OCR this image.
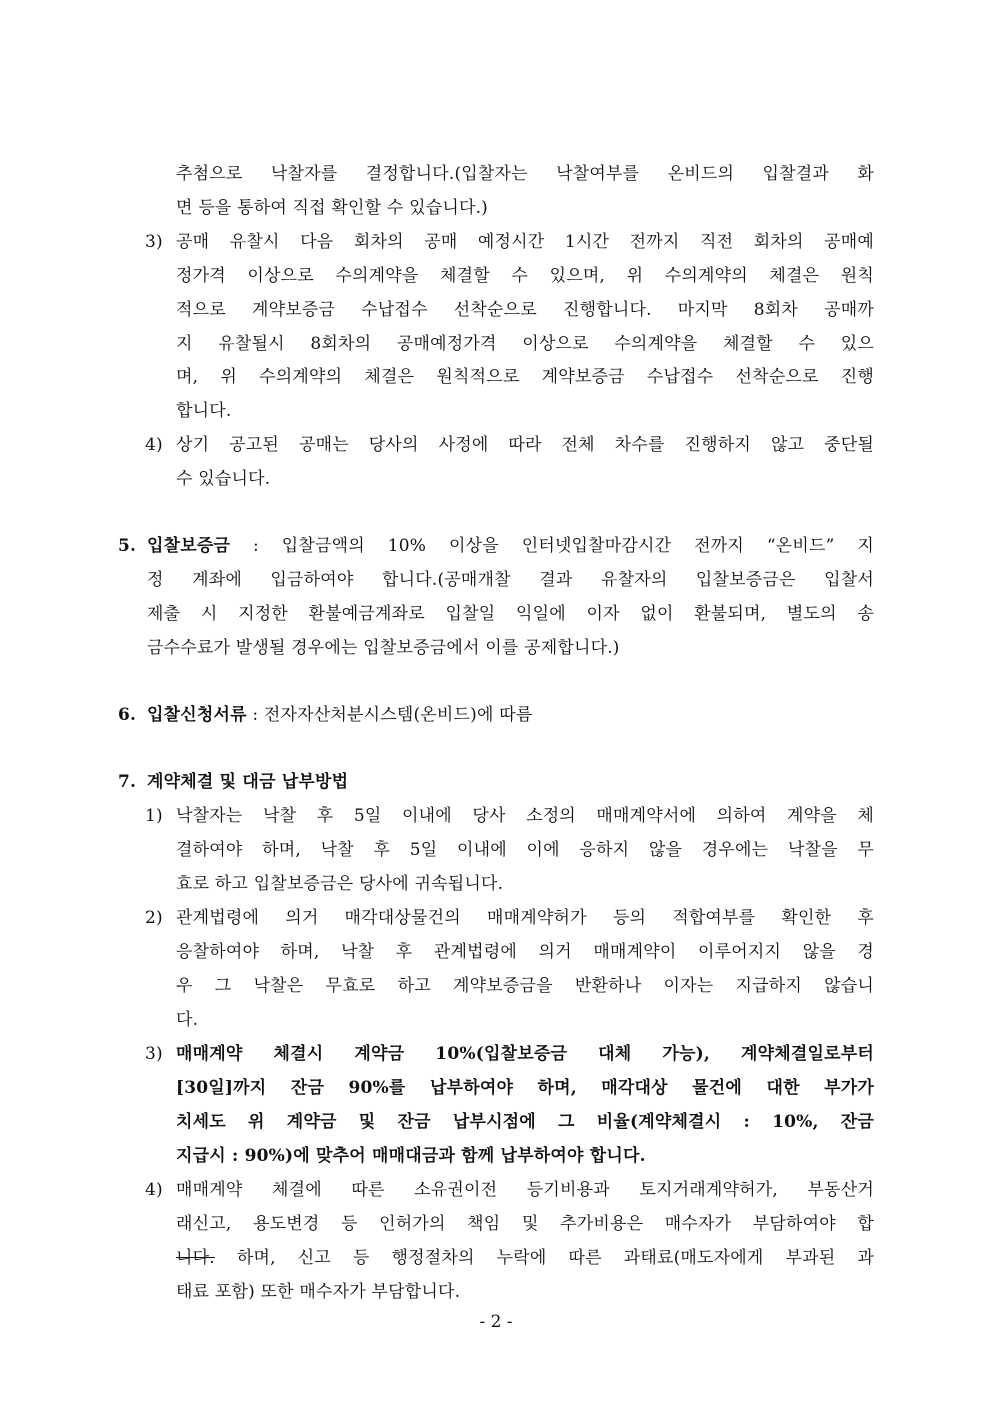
추첨으로 낙찰자를 결정합니다.(입찰자는 낙찰여부를 온비드의 입찰결과 화
면 등을 통하여 직접 확인할 수 있습니다.)
3) 공매 유찰시 다음 회차의 공매 예정시간 1시간 전까지 직전 회차의 공매예
정가격 이상으로 수의계약을 체결할 수 있으며, 위 수의계약의 체결은 원칙
적으로 계약보증금 수납접수 선착순으로 진행합니다. 마지막 8회차 공매까
지 유찰될시 8회차의 공매예정가격 이상으로 수의계약을 체결할 수 있으
며, 위 수의계약의 체결은 원칙적으로 계약보증금 수납접수 선착순으로 진행
합니다.
4) 상기 공고된 공매는 당사의 사정에 따라 전체 차수를 진행하지 않고 중단될
수 있습니다.
5. 입찰보증금 : 입찰금액의 10% 이상을 인터넷입찰마감시간 전까지 “온비드” 지
정 계좌에 입금하여야 합니다.(공매개찰 결과 유찰자의 입찰보증금은 입찰서
제출 시 지정한 환불예금계좌로 입찰일 익일에 이자 없이 환불되며, 별도의 송
금수수료가 발생될 경우에는 입찰보증금에서 이를 공제합니다.)
6. 입찰신청서류 : 전자자산처분시스템(온비드)에 따름
7. 계약체결 및 대금 납부방법
1) 낙찰자는 낙찰 후 5일 이내에 당사 소정의 매매계약서에 의하여 계약을 체
결하여야 하며, 낙찰 후 5일 이내에 이에 응하지 않을 경우에는 낙찰을 무
효로 하고 입찰보증금은 당사에 귀속됩니다.
2) 관계법령에 의거 매각대상물건의 매매계약허가 등의 적합여부를 확인한 후
응찰하여야 하며, 낙찰 후 관계법령에 의거 매매계약이 이루어지지 않을 경
우 그 낙찰은 무효로 하고 계약보증금을 반환하나 이자는 지급하지 않습니
다.
3) 매매계약 체결시 계약금 10%(입찰보증금 대체 가능), 계약체결일로부터
[30일]까지 잔금 90%를 납부하여야 하며, 매각대상 물건에 대한 부가가
치세도 위 계약금 및 잔금 납부시점에 그 비율(계약체결시 : 10%, 잔금
지급시 : 90%)에 맞추어 매매대금과 함께 납부하여야 합니다.
4) 매매계약 체결에 따른 소유권이전 등기비용과 토지거래계약허가, 부동산거
래신고, 용도변경 등 인허가의 책임 및 추가비용은 매수자가 부담하여야 합
니다. 하며, 신고 등 행정절차의 누락에 따른 과태료(매도자에게 부과된 과
태료 포함) 또한 매수자가 부담합니다.
- 2 -
